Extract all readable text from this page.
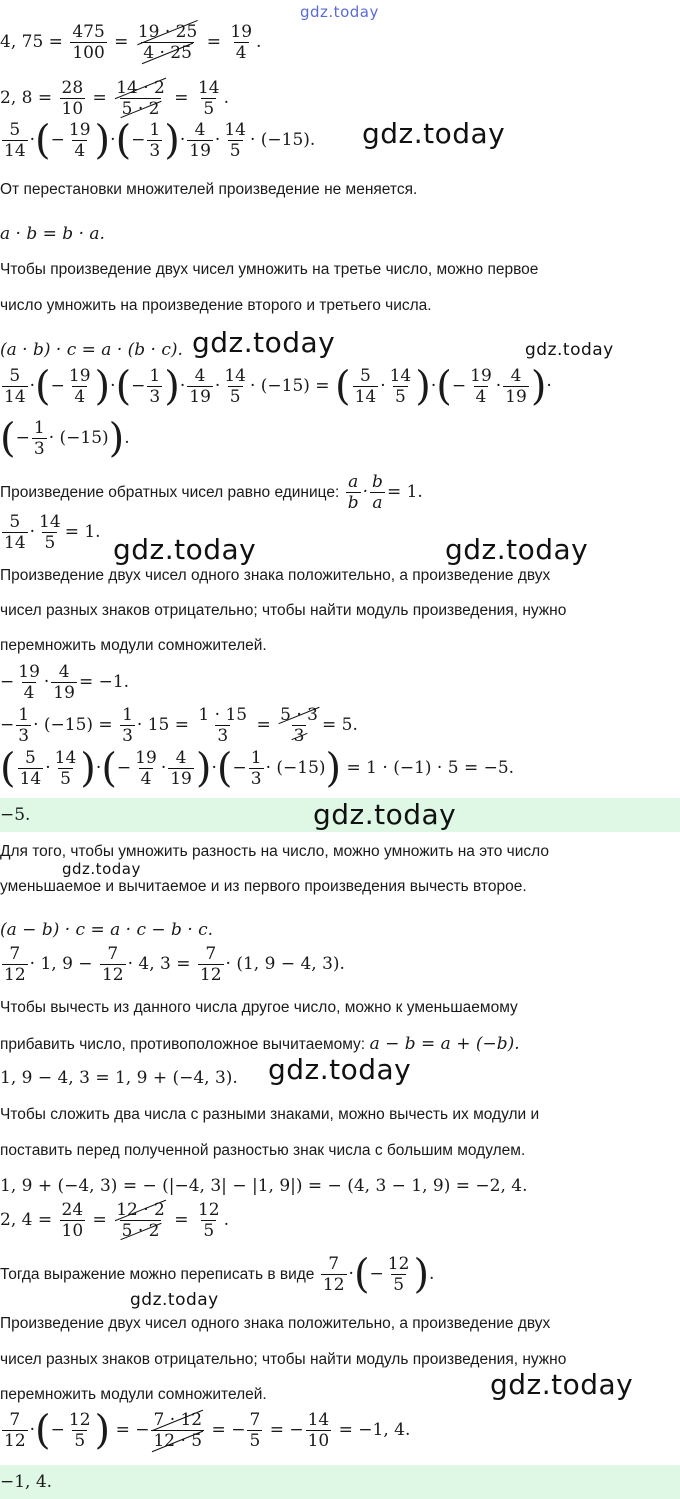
gdz.today
4, $75 = \frac{475}{100} = \frac{19 \cdot 25}{4 \cdot 25} = \frac{19}{4}$ .
2, $8 = \frac{28}{10} = \frac{14 \cdot 2}{5 \cdot 2} = \frac{14}{5}$ .
$\frac{5}{14}$ ·(− $\frac{19}{4}$ )·(− $\frac{1}{3}$ )· $\frac{4}{19} \cdot \frac{14}{5} \cdot (-15)$. gdz.today
От перестановки множителей произведение не меняется.
a · b = b · a.
Чтобы произведение двух чисел умножить на третье число, можно первое
число умножить на произведение второго и третьего числа.
(a · b) · c = a · (b · c). gdz.today	gdz.today
$\frac{5}{14}$ ·(− $\frac{19}{4}$ )·(− $\frac{1}{3}$ )· $\frac{4}{19} \cdot \frac{14}{5} \cdot (-15)$ = ( $\frac{5}{14} \cdot \frac{14}{5}$ )·(− $\frac{19}{4} \cdot \frac{4}{19}$ )·
(− $\frac{1}{3} \cdot (-15)$).
Произведение обратных чисел равно единице: $\frac{a}{b} \cdot \frac{b}{a} = 1$.
$\frac{5}{14} \cdot \frac{14}{5} = 1$.
gdz.today	gdz.today
Произведение двух чисел одного знака положительно, а произведение двух
чисел разных знаков отрицательно; чтобы найти модуль произведения, нужно
перемножить модули сомножителей.
− $\frac{19}{4} \cdot \frac{4}{19} = -1$.
− $\frac{1}{3} \cdot (-15) = \frac{1}{3} \cdot 15 = \frac{1 \cdot 15}{3} = \frac{5 \cdot 3}{3} = 5$.
( $\frac{5}{14} \cdot \frac{14}{5}$ )·(− $\frac{19}{4} \cdot \frac{4}{19}$ )·(− $\frac{1}{3} \cdot (-15)) = 1 \cdot (-1) \cdot 5 = -5$.
−5.	gdz.today
Для того, чтобы умножить разность на число, можно умножить на это число
gdz.today
уменьшаемое и вычитаемое и из первого произведения вычесть второе.
(a − b) · c = a · c − b · c.
$\frac{7}{12} \cdot 1$, $9 - \frac{7}{12} \cdot 4$, $3 = \frac{7}{12} \cdot (1$, 9 − 4, 3).
Чтобы вычесть из данного числа другое число, можно к уменьшаемому
прибавить число, противоположное вычитаемому: a − b = a + (−b).
1, 9 − 4, 3 = 1, 9 + (−4, 3). gdz.today
Чтобы сложить два числа с разными знаками, можно вычесть их модули и
поставить перед полученной разностью знак числа с большим модулем.
1, 9 + (−4, 3) = − (|−4, 3| − |1, 9|) = − (4, 3 − 1, 9) = −2, 4.
2, $4 = \frac{24}{10} = \frac{12 \cdot 2}{5 \cdot 2} = \frac{12}{5}$ .
Тогда выражение можно переписать в виде $\frac{7}{12}$ ·(− $\frac{12}{5}$ ).
gdz.today
Произведение двух чисел одного знака положительно, а произведение двух
чисел разных знаков отрицательно; чтобы найти модуль произведения, нужно
перемножить модули сомножителей.	gdz.today
$\frac{7}{12}$ ·(− $\frac{12}{5}$ ) = − $\frac{7 \cdot 12}{12 \cdot 5}$ = − $\frac{7}{5}$ = − $\frac{14}{10} = -1$, 4.
−1, 4.
